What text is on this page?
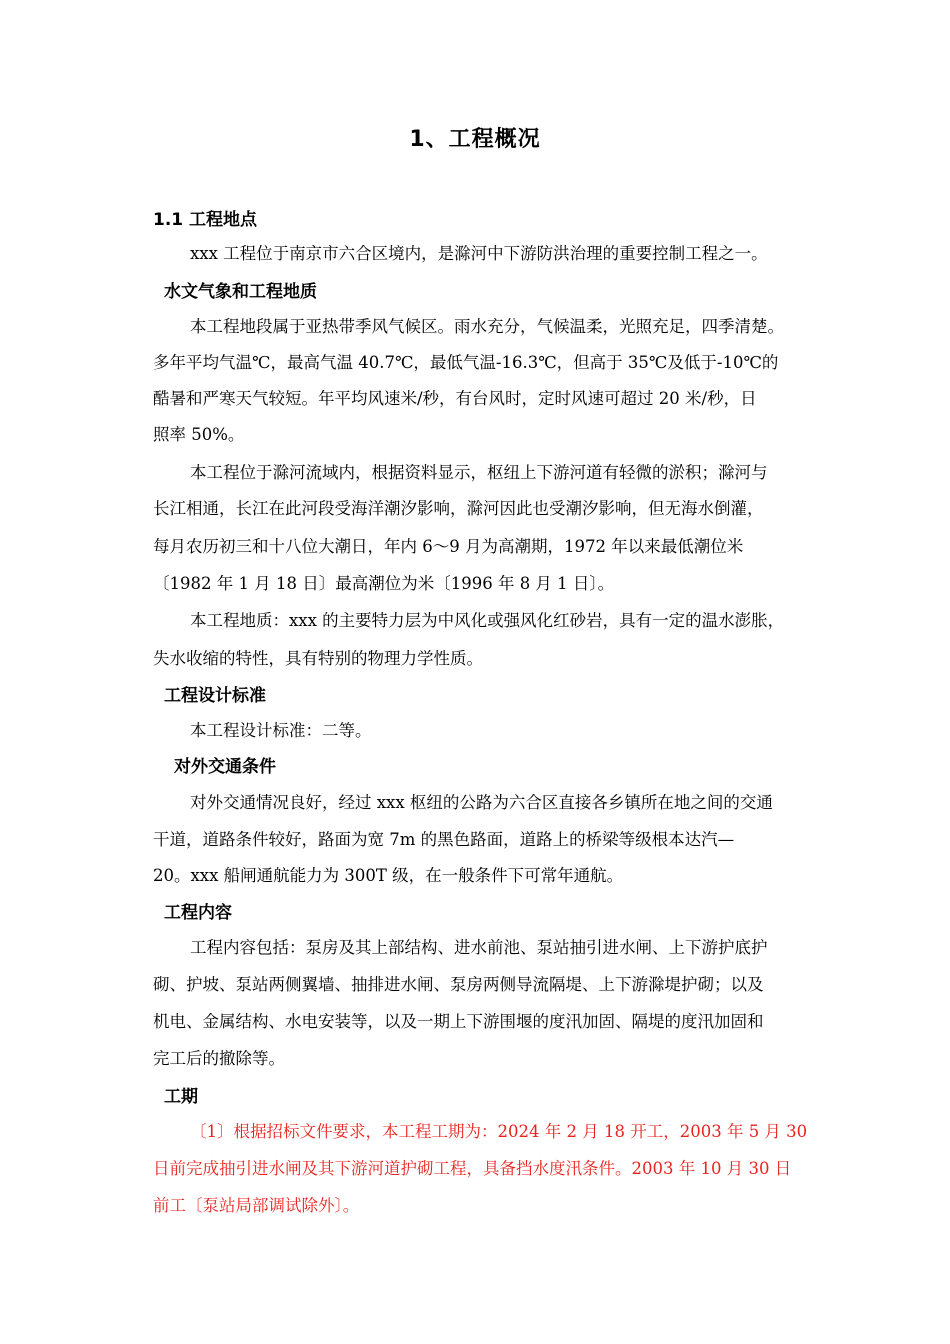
1、工程概况
1.1 工程地点
xxx 工程位于南京市六合区境内，是滁河中下游防洪治理的重要控制工程之一。
水文气象和工程地质
本工程地段属于亚热带季风气候区。雨水充分，气候温柔，光照充足，四季清楚。
多年平均气温℃，最高气温 40.7℃，最低气温-16.3℃，但高于 35℃及低于-10℃的
酷暑和严寒天气较短。年平均风速米/秒，有台风时，定时风速可超过 20 米/秒，日
照率 50%。
本工程位于滁河流域内，根据资料显示，枢纽上下游河道有轻微的淤积；滁河与
长江相通，长江在此河段受海洋潮汐影响，滁河因此也受潮汐影响，但无海水倒灌，
每月农历初三和十八位大潮日，年内 6～9 月为高潮期，1972 年以来最低潮位米
〔1982 年 1 月 18 日〕最高潮位为米〔1996 年 8 月 1 日〕。
本工程地质：xxx 的主要特力层为中风化或强风化红砂岩，具有一定的温水澎胀，
失水收缩的特性，具有特别的物理力学性质。
工程设计标准
本工程设计标准：二等。
对外交通条件
对外交通情况良好，经过 xxx 枢纽的公路为六合区直接各乡镇所在地之间的交通
干道，道路条件较好，路面为宽 7m 的黑色路面，道路上的桥梁等级根本达汽—
20。xxx 船闸通航能力为 300T 级，在一般条件下可常年通航。
工程内容
工程内容包括：泵房及其上部结构、进水前池、泵站抽引进水闸、上下游护底护
砌、护坡、泵站两侧翼墙、抽排进水闸、泵房两侧导流隔堤、上下游滁堤护砌；以及
机电、金属结构、水电安装等，以及一期上下游围堰的度汛加固、隔堤的度汛加固和
完工后的撤除等。
工期
〔1〕根据招标文件要求，本工程工期为：2024 年 2 月 18 开工，2003 年 5 月 30
日前完成抽引进水闸及其下游河道护砌工程，具备挡水度汛条件。2003 年 10 月 30 日
前工〔泵站局部调试除外〕。
